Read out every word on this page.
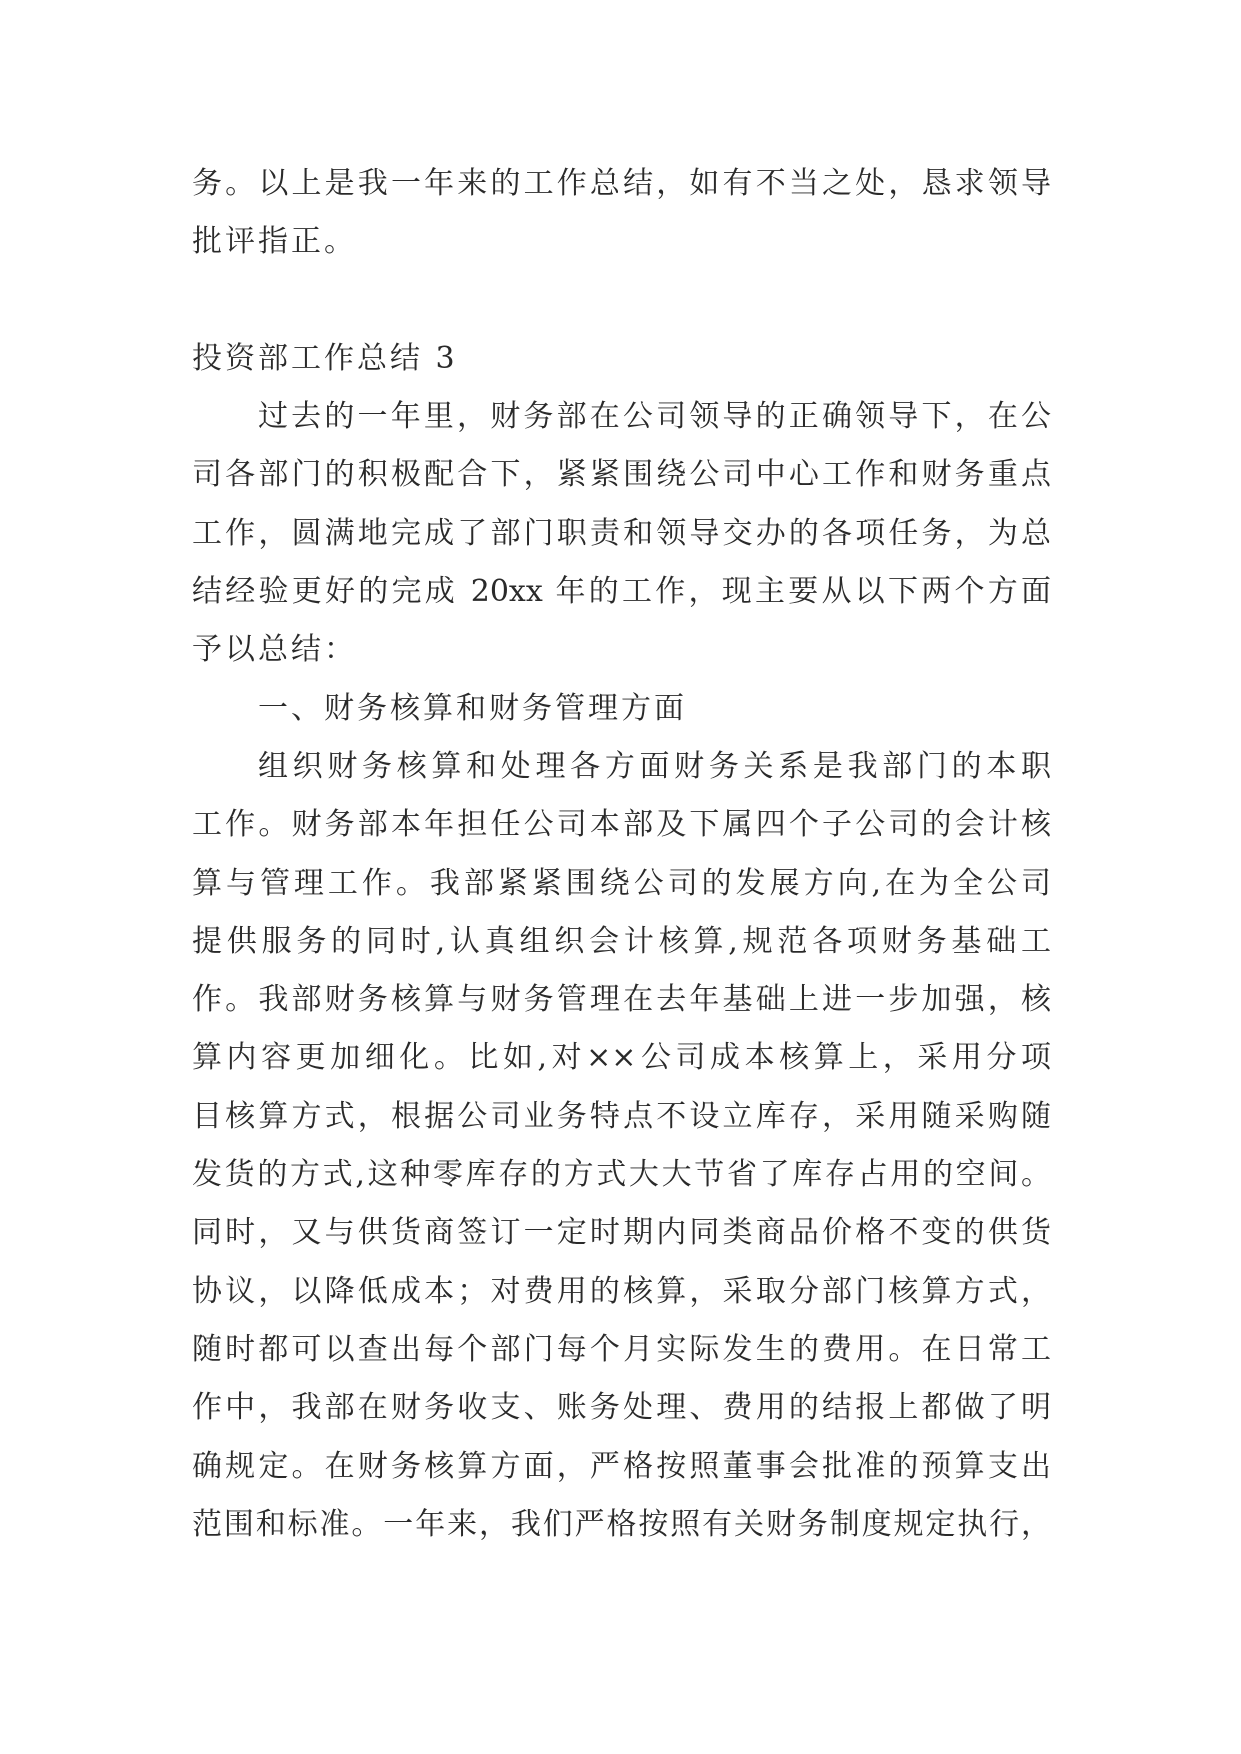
务。以上是我一年来的工作总结，如有不当之处，恳求领导
批评指正。
投资部工作总结 3
过去的一年里，财务部在公司领导的正确领导下，在公
司各部门的积极配合下，紧紧围绕公司中心工作和财务重点
工作，圆满地完成了部门职责和领导交办的各项任务，为总
结经验更好的完成 20xx 年的工作，现主要从以下两个方面
予以总结：
一、财务核算和财务管理方面
组织财务核算和处理各方面财务关系是我部门的本职
工作。财务部本年担任公司本部及下属四个子公司的会计核
算与管理工作。我部紧紧围绕公司的发展方向,在为全公司
提供服务的同时,认真组织会计核算,规范各项财务基础工
作。我部财务核算与财务管理在去年基础上进一步加强，核
算内容更加细化。比如,对××公司成本核算上，采用分项
目核算方式，根据公司业务特点不设立库存，采用随采购随
发货的方式,这种零库存的方式大大节省了库存占用的空间。
同时，又与供货商签订一定时期内同类商品价格不变的供货
协议，以降低成本；对费用的核算，采取分部门核算方式，
随时都可以查出每个部门每个月实际发生的费用。在日常工
作中，我部在财务收支、账务处理、费用的结报上都做了明
确规定。在财务核算方面，严格按照董事会批准的预算支出
范围和标准。一年来，我们严格按照有关财务制度规定执行，
